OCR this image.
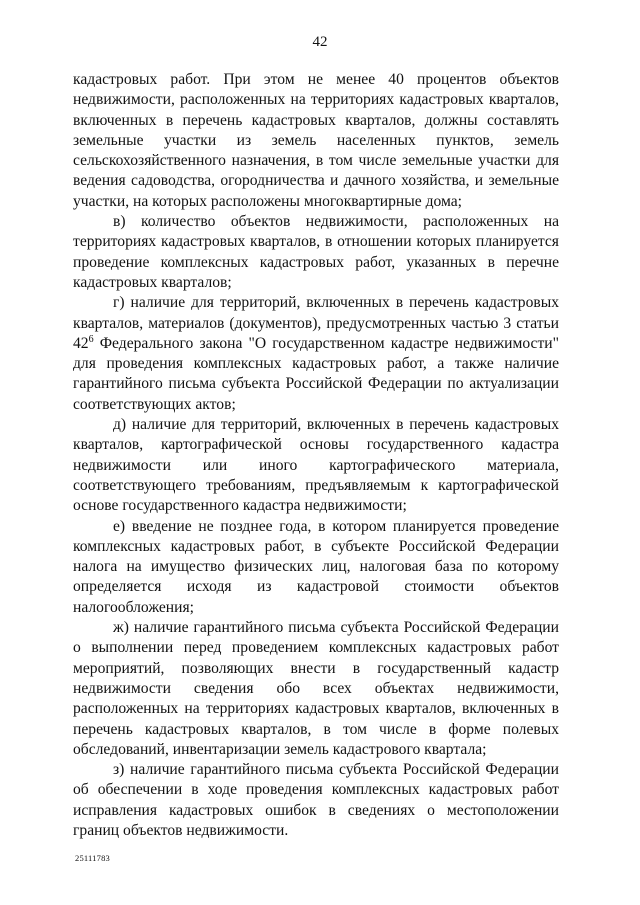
42

кадастровых работ. При этом не менее 40 процентов объектов недвижимости, расположенных на территориях кадастровых кварталов, включенных в перечень кадастровых кварталов, должны составлять земельные участки из земель населенных пунктов, земель сельскохозяйственного назначения, в том числе земельные участки для ведения садоводства, огородничества и дачного хозяйства, и земельные участки, на которых расположены многоквартирные дома;

в) количество объектов недвижимости, расположенных на территориях кадастровых кварталов, в отношении которых планируется проведение комплексных кадастровых работ, указанных в перечне кадастровых кварталов;

г) наличие для территорий, включенных в перечень кадастровых кварталов, материалов (документов), предусмотренных частью 3 статьи $42^6$ Федерального закона "О государственном кадастре недвижимости" для проведения комплексных кадастровых работ, а также наличие гарантийного письма субъекта Российской Федерации по актуализации соответствующих актов;

д) наличие для территорий, включенных в перечень кадастровых кварталов, картографической основы государственного кадастра недвижимости или иного картографического материала, соответствующего требованиям, предъявляемым к картографической основе государственного кадастра недвижимости;

е) введение не позднее года, в котором планируется проведение комплексных кадастровых работ, в субъекте Российской Федерации налога на имущество физических лиц, налоговая база по которому определяется исходя из кадастровой стоимости объектов налогообложения;

ж) наличие гарантийного письма субъекта Российской Федерации о выполнении перед проведением комплексных кадастровых работ мероприятий, позволяющих внести в государственный кадастр недвижимости сведения обо всех объектах недвижимости, расположенных на территориях кадастровых кварталов, включенных в перечень кадастровых кварталов, в том числе в форме полевых обследований, инвентаризации земель кадастрового квартала;

з) наличие гарантийного письма субъекта Российской Федерации об обеспечении в ходе проведения комплексных кадастровых работ исправления кадастровых ошибок в сведениях о местоположении границ объектов недвижимости.

25111783
